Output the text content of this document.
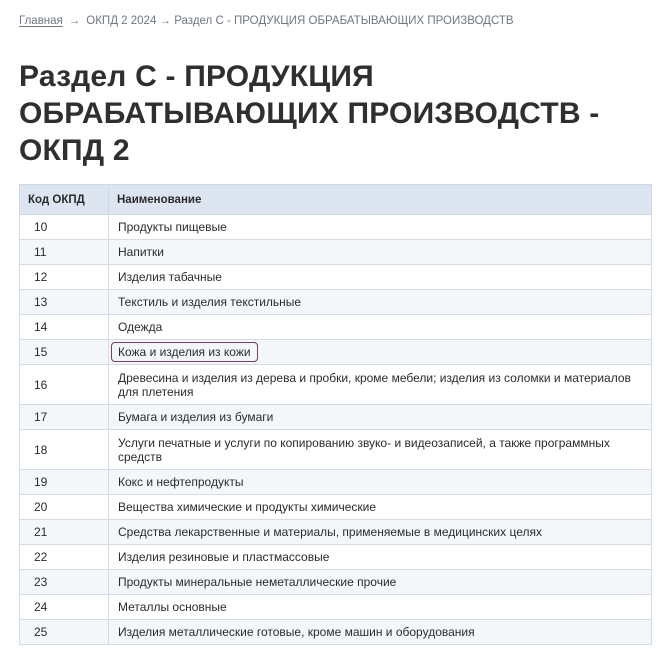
Главная → ОКПД 2 2024 → Раздел C - ПРОДУКЦИЯ ОБРАБАТЫВАЮЩИХ ПРОИЗВОДСТВ
Раздел C - ПРОДУКЦИЯ ОБРАБАТЫВАЮЩИХ ПРОИЗВОДСТВ - ОКПД 2
Код ОКПД	Наименование
10	Продукты пищевые
11	Напитки
12	Изделия табачные
13	Текстиль и изделия текстильные
14	Одежда
15	Кожа и изделия из кожи
16	Древесина и изделия из дерева и пробки, кроме мебели; изделия из соломки и материалов для плетения
17	Бумага и изделия из бумаги
18	Услуги печатные и услуги по копированию звуко- и видеозаписей, а также программных средств
19	Кокс и нефтепродукты
20	Вещества химические и продукты химические
21	Средства лекарственные и материалы, применяемые в медицинских целях
22	Изделия резиновые и пластмассовые
23	Продукты минеральные неметаллические прочие
24	Металлы основные
25	Изделия металлические готовые, кроме машин и оборудования
